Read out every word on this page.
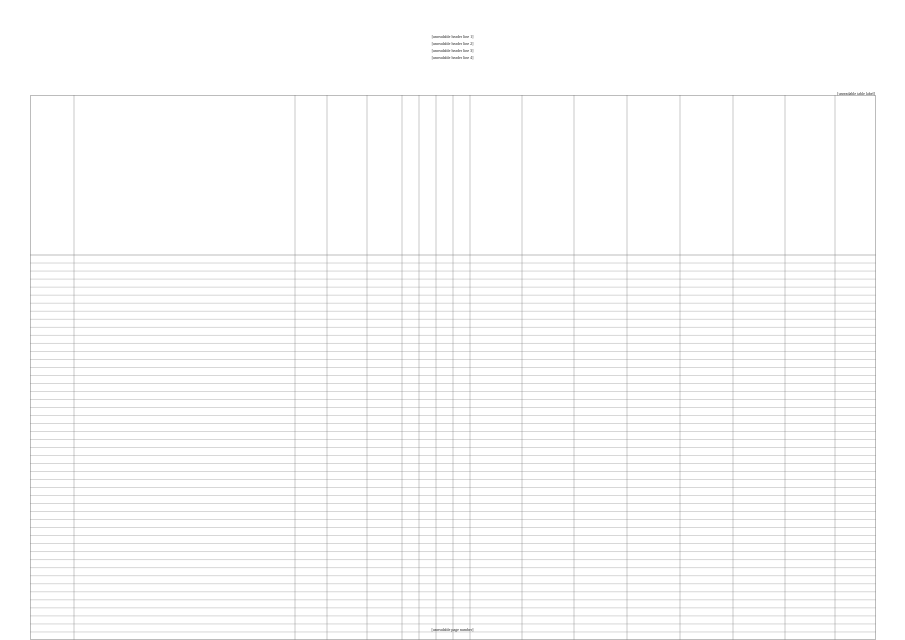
[unreadable header line 1]
[unreadable header line 2]
[unreadable header line 3]
[unreadable header line 4]
[unreadable table label]
[unreadable page number]
